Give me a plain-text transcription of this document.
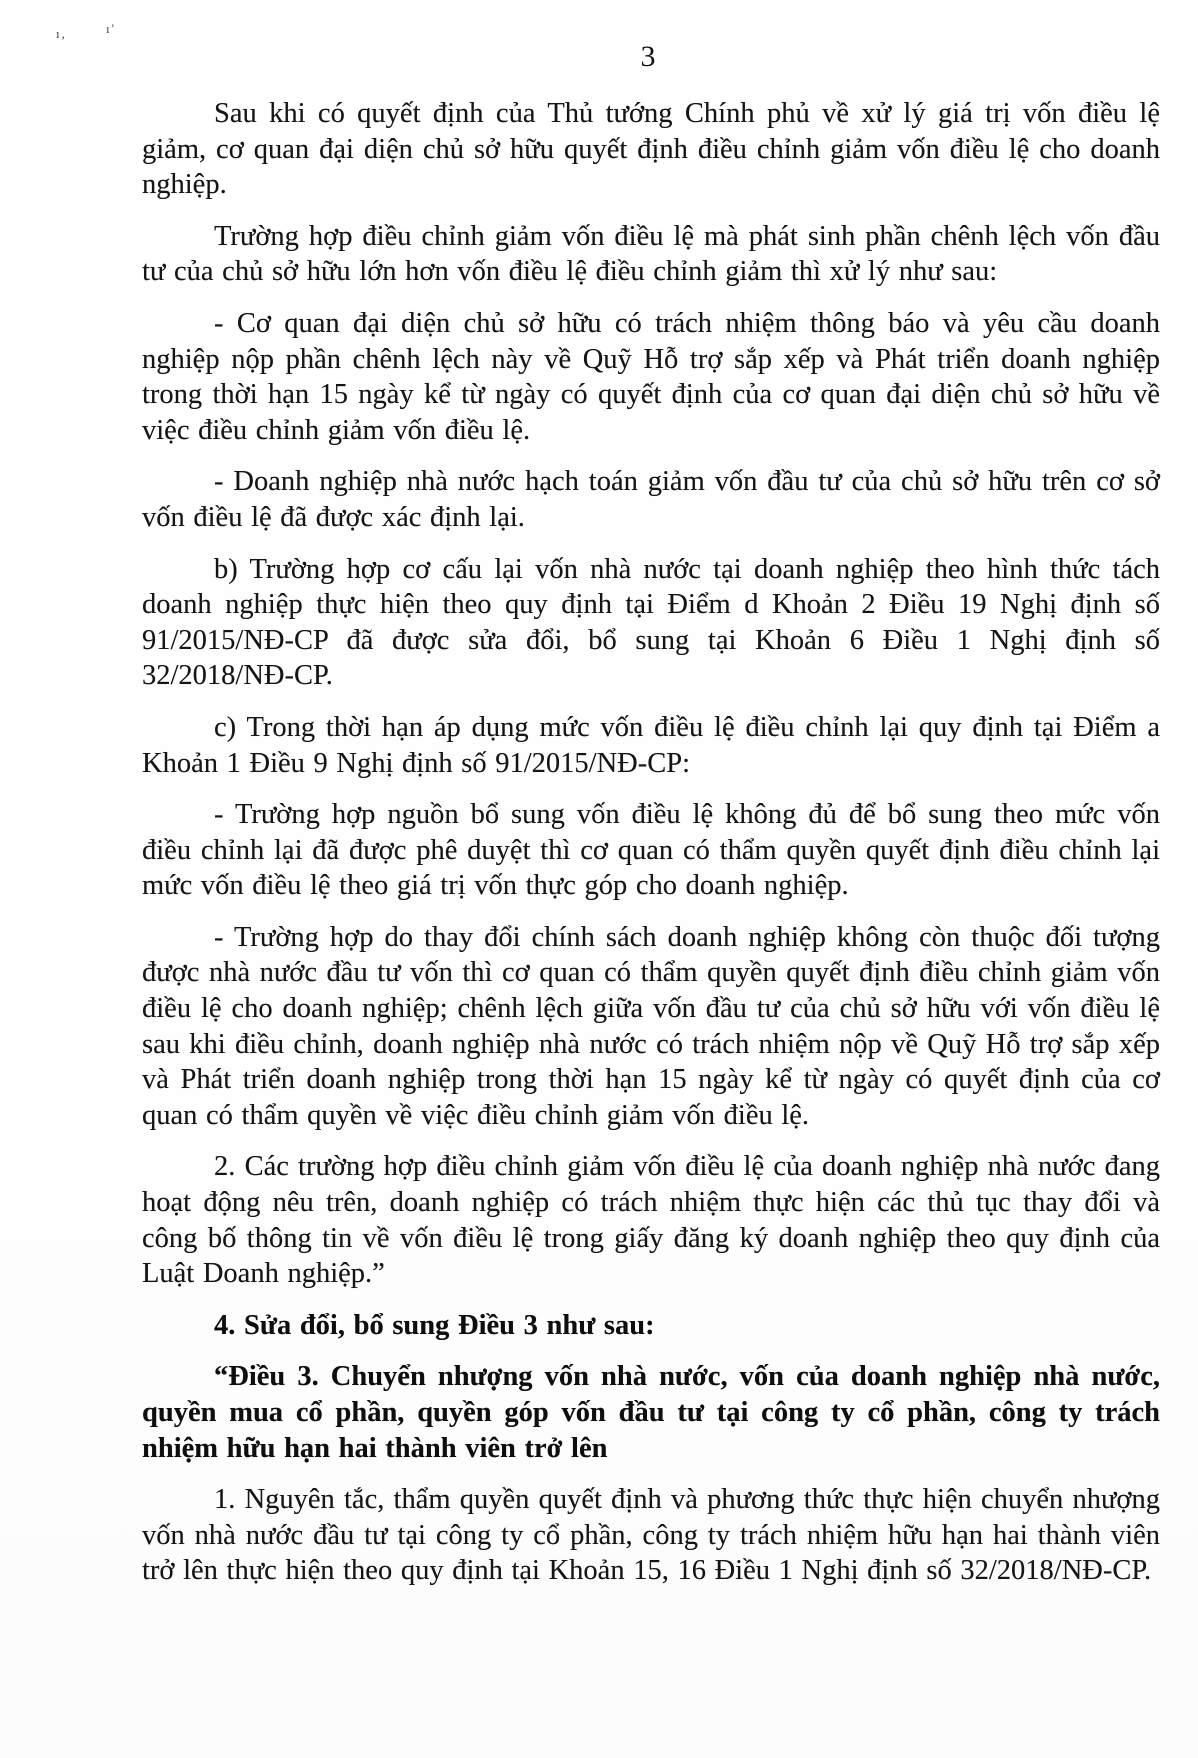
ı,	ı'
3

Sau khi có quyết định của Thủ tướng Chính phủ về xử lý giá trị vốn điều lệ giảm, cơ quan đại diện chủ sở hữu quyết định điều chỉnh giảm vốn điều lệ cho doanh nghiệp.

Trường hợp điều chỉnh giảm vốn điều lệ mà phát sinh phần chênh lệch vốn đầu tư của chủ sở hữu lớn hơn vốn điều lệ điều chỉnh giảm thì xử lý như sau:

- Cơ quan đại diện chủ sở hữu có trách nhiệm thông báo và yêu cầu doanh nghiệp nộp phần chênh lệch này về Quỹ Hỗ trợ sắp xếp và Phát triển doanh nghiệp trong thời hạn 15 ngày kể từ ngày có quyết định của cơ quan đại diện chủ sở hữu về việc điều chỉnh giảm vốn điều lệ.

- Doanh nghiệp nhà nước hạch toán giảm vốn đầu tư của chủ sở hữu trên cơ sở vốn điều lệ đã được xác định lại.

b) Trường hợp cơ cấu lại vốn nhà nước tại doanh nghiệp theo hình thức tách doanh nghiệp thực hiện theo quy định tại Điểm d Khoản 2 Điều 19 Nghị định số 91/2015/NĐ-CP đã được sửa đổi, bổ sung tại Khoản 6 Điều 1 Nghị định số 32/2018/NĐ-CP.

c) Trong thời hạn áp dụng mức vốn điều lệ điều chỉnh lại quy định tại Điểm a Khoản 1 Điều 9 Nghị định số 91/2015/NĐ-CP:

- Trường hợp nguồn bổ sung vốn điều lệ không đủ để bổ sung theo mức vốn điều chỉnh lại đã được phê duyệt thì cơ quan có thẩm quyền quyết định điều chỉnh lại mức vốn điều lệ theo giá trị vốn thực góp cho doanh nghiệp.

- Trường hợp do thay đổi chính sách doanh nghiệp không còn thuộc đối tượng được nhà nước đầu tư vốn thì cơ quan có thẩm quyền quyết định điều chỉnh giảm vốn điều lệ cho doanh nghiệp; chênh lệch giữa vốn đầu tư của chủ sở hữu với vốn điều lệ sau khi điều chỉnh, doanh nghiệp nhà nước có trách nhiệm nộp về Quỹ Hỗ trợ sắp xếp và Phát triển doanh nghiệp trong thời hạn 15 ngày kể từ ngày có quyết định của cơ quan có thẩm quyền về việc điều chỉnh giảm vốn điều lệ.

2. Các trường hợp điều chỉnh giảm vốn điều lệ của doanh nghiệp nhà nước đang hoạt động nêu trên, doanh nghiệp có trách nhiệm thực hiện các thủ tục thay đổi và công bố thông tin về vốn điều lệ trong giấy đăng ký doanh nghiệp theo quy định của Luật Doanh nghiệp.”

4. Sửa đổi, bổ sung Điều 3 như sau:

“Điều 3. Chuyển nhượng vốn nhà nước, vốn của doanh nghiệp nhà nước, quyền mua cổ phần, quyền góp vốn đầu tư tại công ty cổ phần, công ty trách nhiệm hữu hạn hai thành viên trở lên

1. Nguyên tắc, thẩm quyền quyết định và phương thức thực hiện chuyển nhượng vốn nhà nước đầu tư tại công ty cổ phần, công ty trách nhiệm hữu hạn hai thành viên trở lên thực hiện theo quy định tại Khoản 15, 16 Điều 1 Nghị định số 32/2018/NĐ-CP.
